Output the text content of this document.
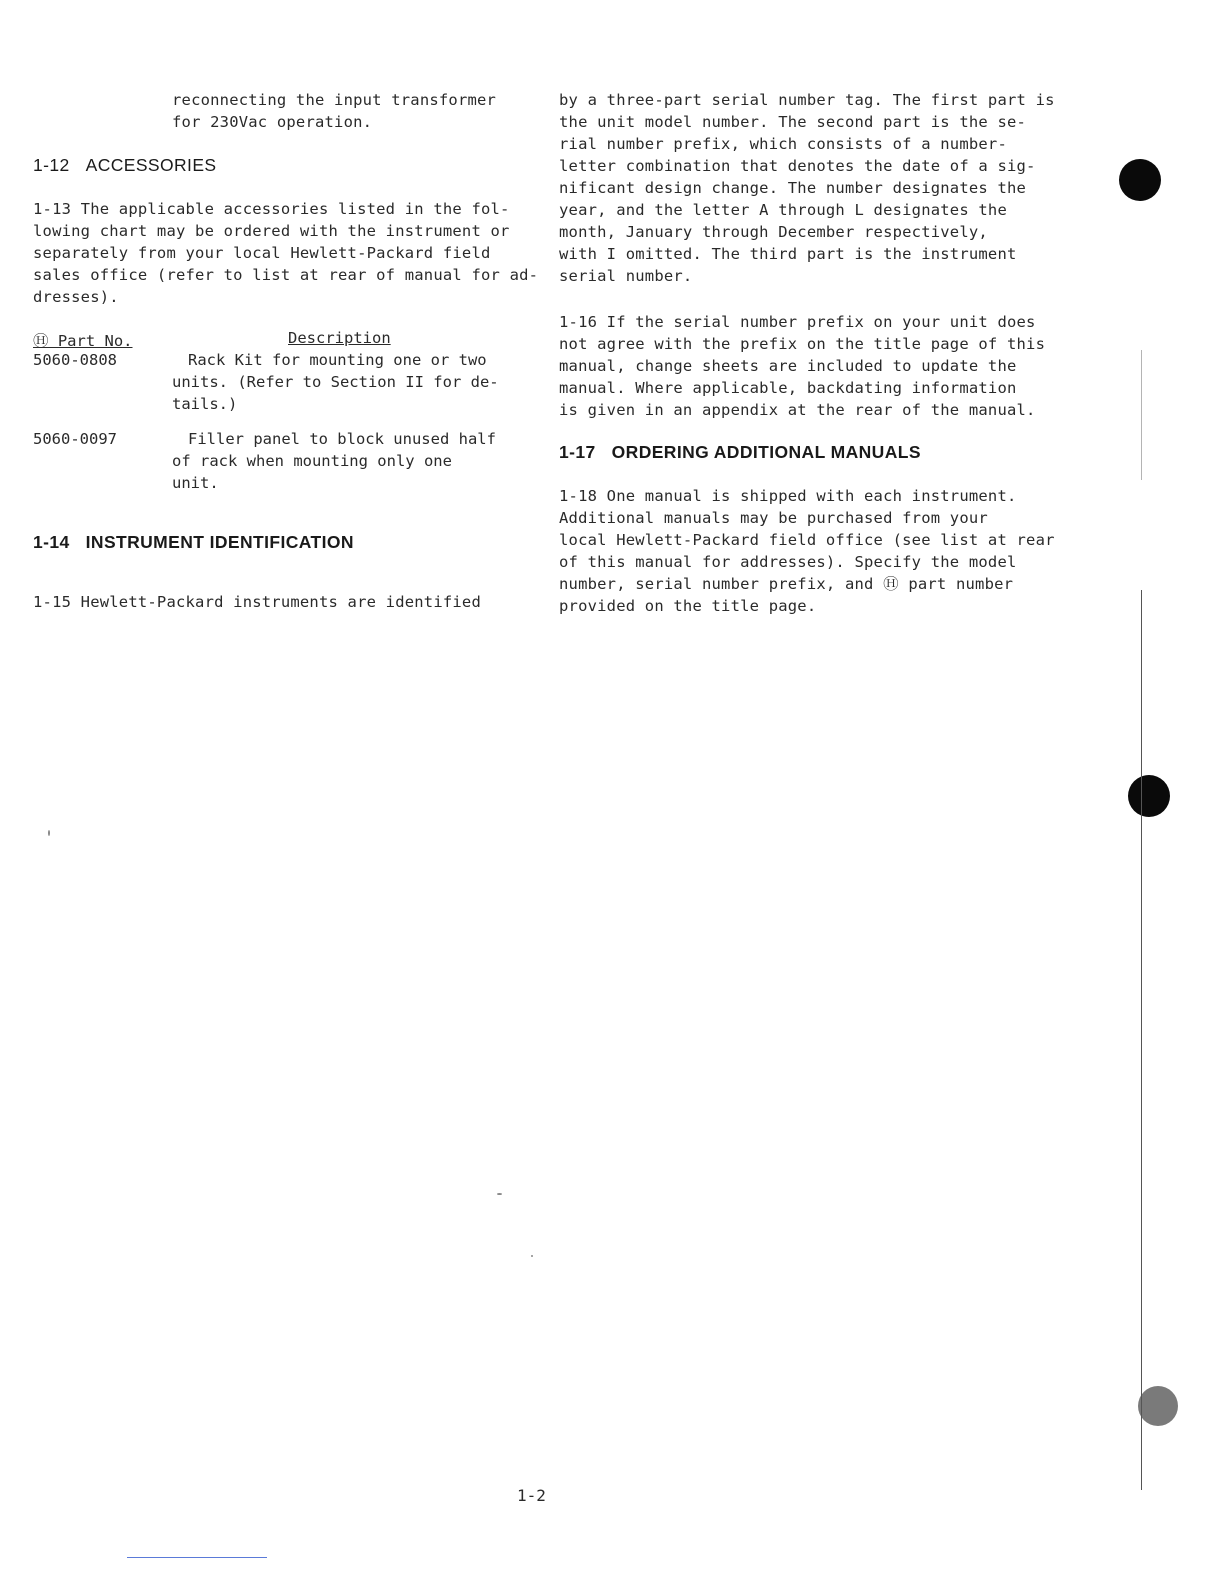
reconnecting the input transformer

for 230Vac operation.

1-12 ACCESSORIES

1-13 The applicable accessories listed in the fol-

lowing chart may be ordered with the instrument or

separately from your local Hewlett-Packard field

sales office (refer to list at rear of manual for ad-

dresses).

Ⓗ Part No.	Description
5060-0808	Rack Kit for mounting one or two
units. (Refer to Section II for de-
tails.)
5060-0097	Filler panel to block unused half
of rack when mounting only one
unit.
1-14 INSTRUMENT IDENTIFICATION

1-15 Hewlett-Packard instruments are identified

by a three-part serial number tag. The first part is

the unit model number. The second part is the se-

rial number prefix, which consists of a number-

letter combination that denotes the date of a sig-

nificant design change. The number designates the

year, and the letter A through L designates the

month, January through December respectively,

with I omitted. The third part is the instrument

serial number.

1-16 If the serial number prefix on your unit does

not agree with the prefix on the title page of this

manual, change sheets are included to update the

manual. Where applicable, backdating information

is given in an appendix at the rear of the manual.

1-17 ORDERING ADDITIONAL MANUALS

1-18 One manual is shipped with each instrument.

Additional manuals may be purchased from your

local Hewlett-Packard field office (see list at rear

of this manual for addresses). Specify the model

number, serial number prefix, and Ⓗ part number

provided on the title page.

1-2
